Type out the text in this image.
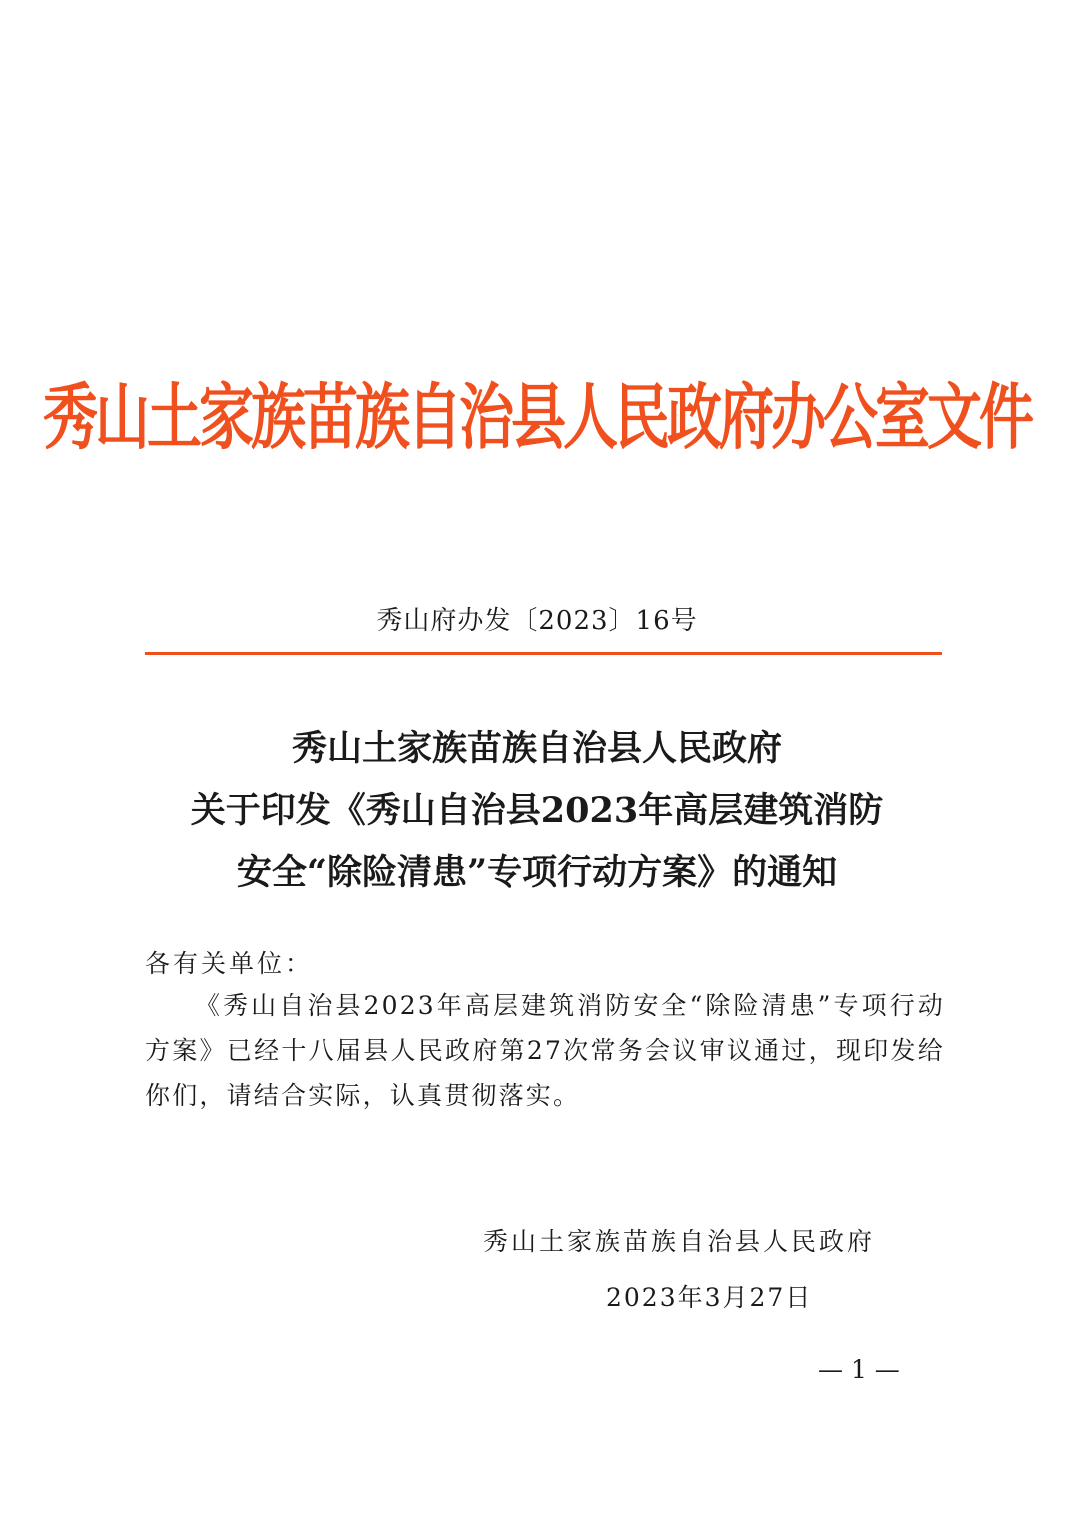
秀山土家族苗族自治县人民政府办公室文件
秀山府办发〔2023〕16号
秀山土家族苗族自治县人民政府
关于印发《秀山自治县2023年高层建筑消防
安全“除险清患”专项行动方案》的通知
各有关单位：

《秀山自治县2023年高层建筑消防安全“除险清患”专项行动方案》已经十八届县人民政府第27次常务会议审议通过，现印发给你们，请结合实际，认真贯彻落实。

秀山土家族苗族自治县人民政府
2023年3月27日
— 1 —
